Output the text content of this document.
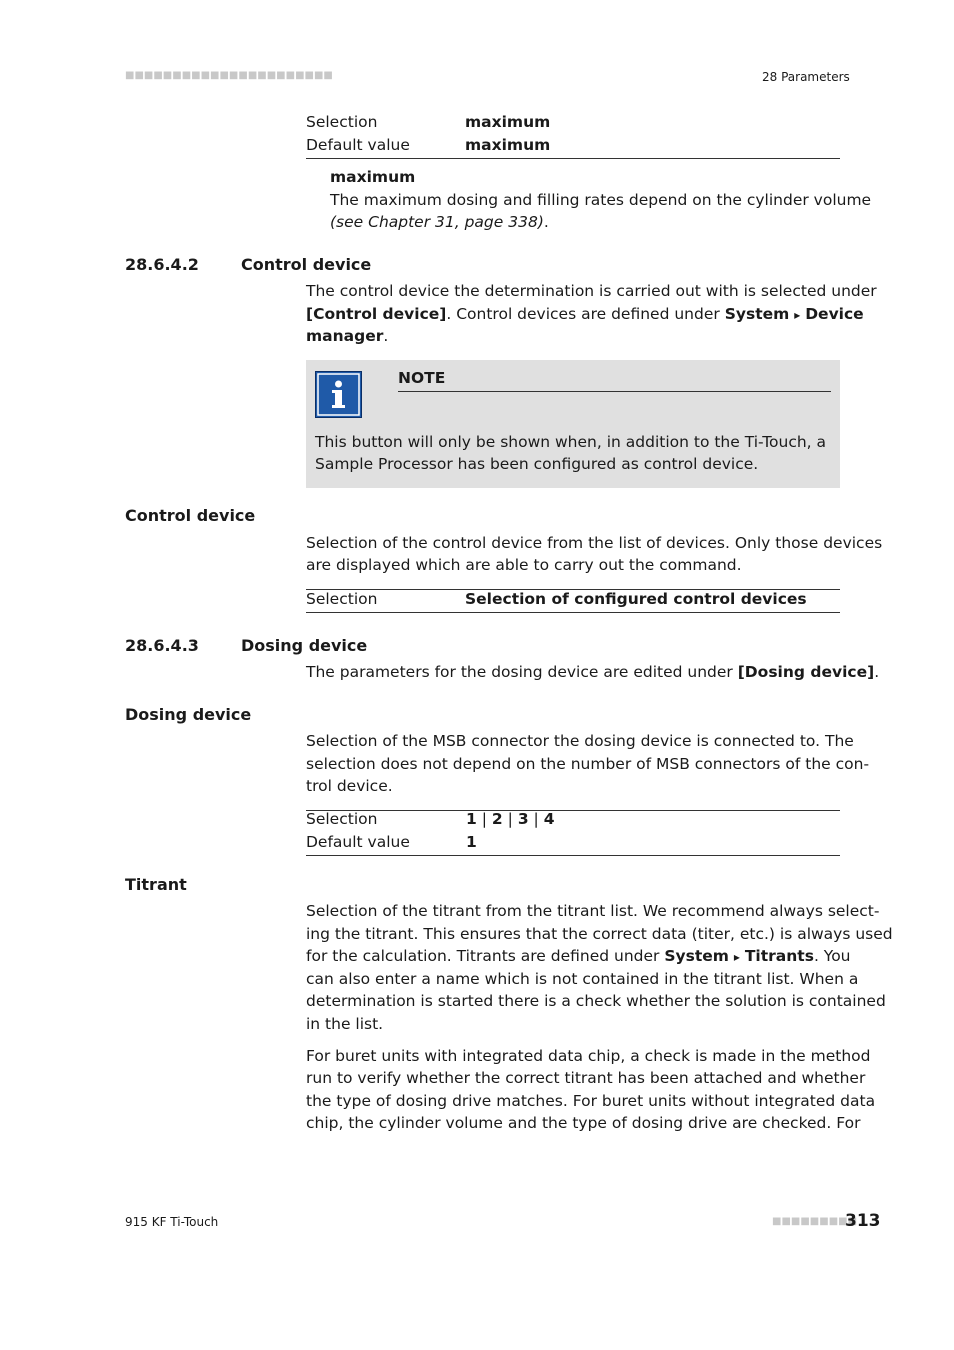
■■■■■■■■■■■■■■■■■■■■■■	28 Parameters
Selection	maximum
Default value	maximum
maximum
The maximum dosing and filling rates depend on the cylinder volume
(see Chapter 31, page 338).
28.6.4.2	Control device
The control device the determination is carried out with is selected under
[Control device]. Control devices are defined under System ▸ Device
manager.
NOTE
This button will only be shown when, in addition to the Ti-Touch, a
Sample Processor has been configured as control device.
Control device
Selection of the control device from the list of devices. Only those devices
are displayed which are able to carry out the command.
Selection	Selection of configured control devices
28.6.4.3	Dosing device
The parameters for the dosing device are edited under [Dosing device].
Dosing device
Selection of the MSB connector the dosing device is connected to. The
selection does not depend on the number of MSB connectors of the con-
trol device.
Selection	1 | 2 | 3 | 4
Default value	1
Titrant
Selection of the titrant from the titrant list. We recommend always select-
ing the titrant. This ensures that the correct data (titer, etc.) is always used
for the calculation. Titrants are defined under System ▸ Titrants. You
can also enter a name which is not contained in the titrant list. When a
determination is started there is a check whether the solution is contained
in the list.
For buret units with integrated data chip, a check is made in the method
run to verify whether the correct titrant has been attached and whether
the type of dosing drive matches. For buret units without integrated data
chip, the cylinder volume and the type of dosing drive are checked. For
915 KF Ti-Touch	■■■■■■■■■
313
